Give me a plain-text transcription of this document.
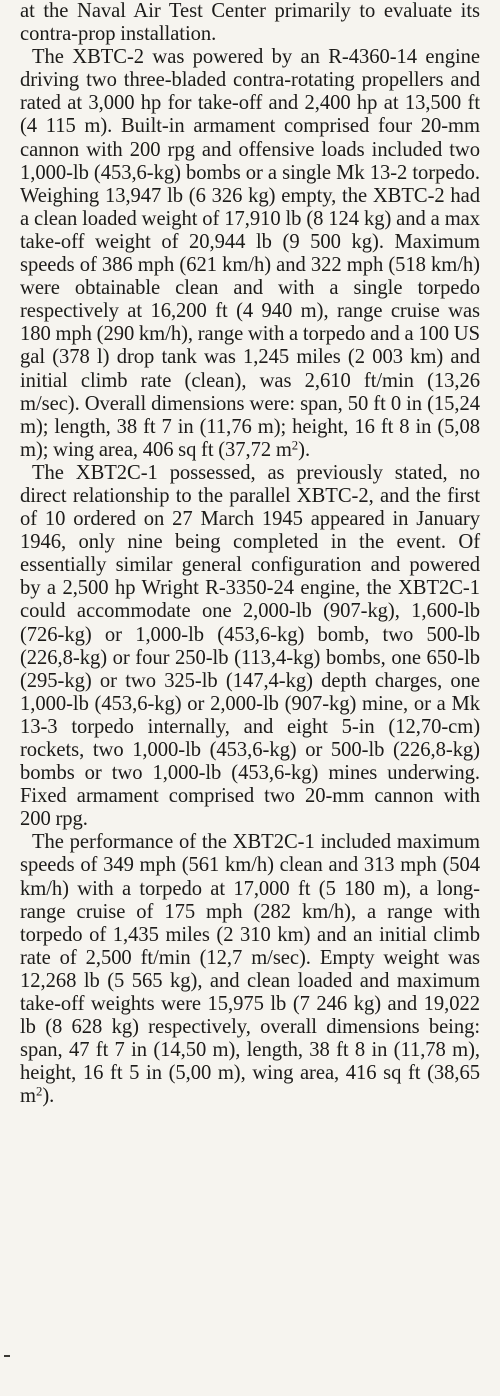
at the Naval Air Test Center primarily to evaluate its contra-prop installation.

The XBTC-2 was powered by an R-4360-14 engine driving two three-bladed contra-rotating propellers and rated at 3,000 hp for take-off and 2,400 hp at 13,500 ft (4 115 m). Built-in armament comprised four 20-mm cannon with 200 rpg and offensive loads included two 1,000-lb (453,6-kg) bombs or a single Mk 13-2 torpedo. Weighing 13,947 lb (6 326 kg) empty, the XBTC-2 had a clean loaded weight of 17,910 lb (8 124 kg) and a max take-off weight of 20,944 lb (9 500 kg). Maximum speeds of 386 mph (621 km/h) and 322 mph (518 km/h) were obtainable clean and with a single torpedo respectively at 16,200 ft (4 940 m), range cruise was 180 mph (290 km/h), range with a torpedo and a 100 US gal (378 l) drop tank was 1,245 miles (2 003 km) and initial climb rate (clean), was 2,610 ft/min (13,26 m/sec). Overall dimensions were: span, 50 ft 0 in (15,24 m); length, 38 ft 7 in (11,76 m); height, 16 ft 8 in (5,08 m); wing area, 406 sq ft (37,72 $m^2$).

The XBT2C-1 possessed, as previously stated, no direct relationship to the parallel XBTC-2, and the first of 10 ordered on 27 March 1945 appeared in January 1946, only nine being completed in the event. Of essentially similar general configuration and powered by a 2,500 hp Wright R-3350-24 engine, the XBT2C-1 could accommodate one 2,000-lb (907-kg), 1,600-lb (726-kg) or 1,000-lb (453,6-kg) bomb, two 500-lb (226,8-kg) or four 250-lb (113,4-kg) bombs, one 650-lb (295-kg) or two 325-lb (147,4-kg) depth charges, one 1,000-lb (453,6-kg) or 2,000-lb (907-kg) mine, or a Mk 13-3 torpedo internally, and eight 5-in (12,70-cm) rockets, two 1,000-lb (453,6-kg) or 500-lb (226,8-kg) bombs or two 1,000-lb (453,6-kg) mines underwing. Fixed armament comprised two 20-mm cannon with 200 rpg.

The performance of the XBT2C-1 included maximum speeds of 349 mph (561 km/h) clean and 313 mph (504 km/h) with a torpedo at 17,000 ft (5 180 m), a long-range cruise of 175 mph (282 km/h), a range with torpedo of 1,435 miles (2 310 km) and an initial climb rate of 2,500 ft/min (12,7 m/sec). Empty weight was 12,268 lb (5 565 kg), and clean loaded and maximum take-off weights were 15,975 lb (7 246 kg) and 19,022 lb (8 628 kg) respectively, overall dimensions being: span, 47 ft 7 in (14,50 m), length, 38 ft 8 in (11,78 m), height, 16 ft 5 in (5,00 m), wing area, 416 sq ft (38,65 $m^2$).
